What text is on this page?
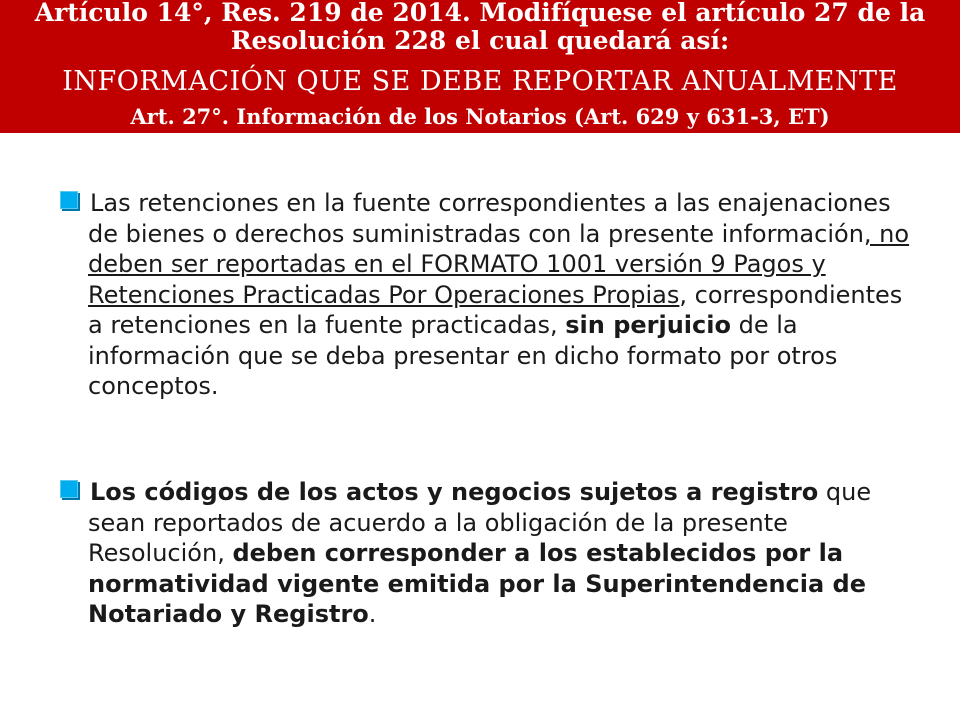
Artículo 14°, Res. 219 de 2014. Modifíquese el artículo 27 de la
Resolución 228 el cual quedará así:
INFORMACIÓN QUE SE DEBE REPORTAR ANUALMENTE
Art. 27°. Información de los Notarios (Art. 629 y 631-3, ET)

Las retenciones en la fuente correspondientes a las enajenaciones de bienes o derechos suministradas con la presente información, no deben ser reportadas en el FORMATO 1001 versión 9 Pagos y Retenciones Practicadas Por Operaciones Propias, correspondientes a retenciones en la fuente practicadas, sin perjuicio de la información que se deba presentar en dicho formato por otros conceptos.

Los códigos de los actos y negocios sujetos a registro que sean reportados de acuerdo a la obligación de la presente Resolución, deben corresponder a los establecidos por la normatividad vigente emitida por la Superintendencia de Notariado y Registro.
